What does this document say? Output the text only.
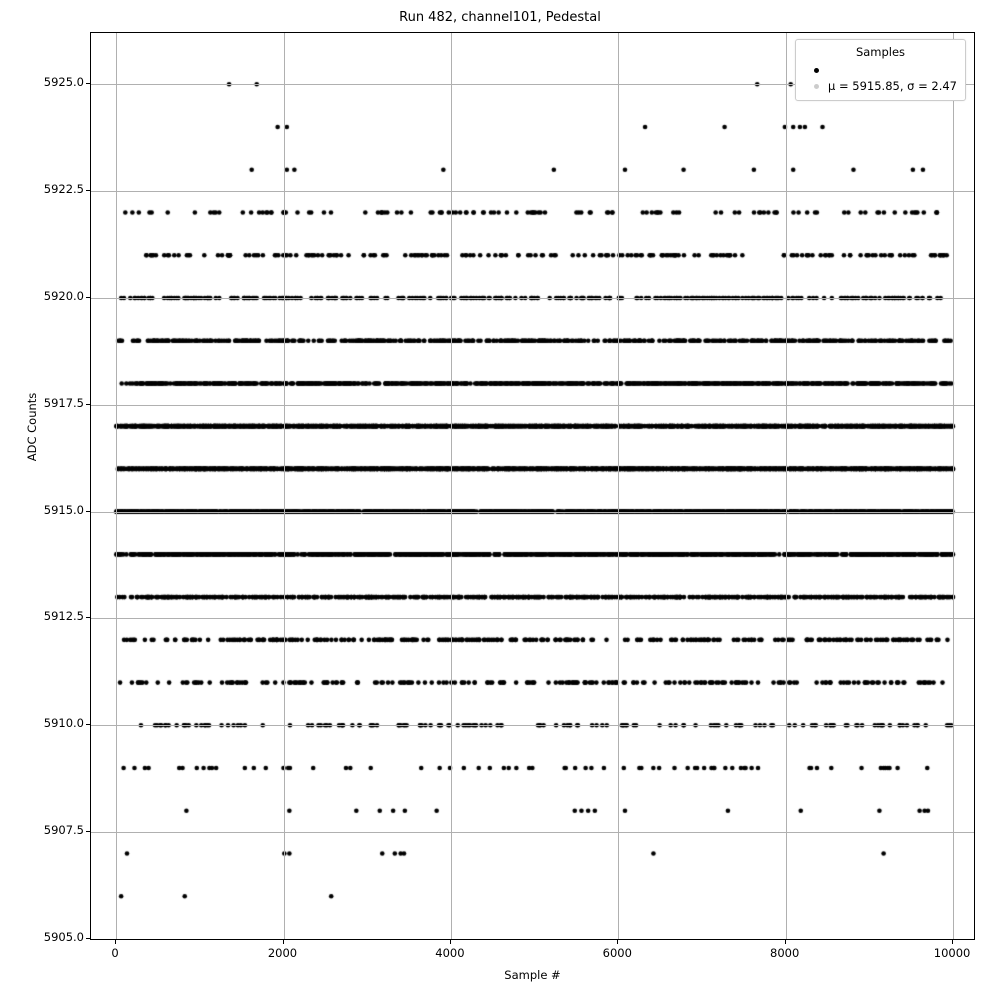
Run 482, channel101, Pedestal
Samples
μ = 5915.85, σ = 2.47
5905.0
5907.5
5910.0
5912.5
5915.0
5917.5
5920.0
5922.5
5925.0
0	2000	4000	6000	8000	10000
Sample #
ADC Counts
